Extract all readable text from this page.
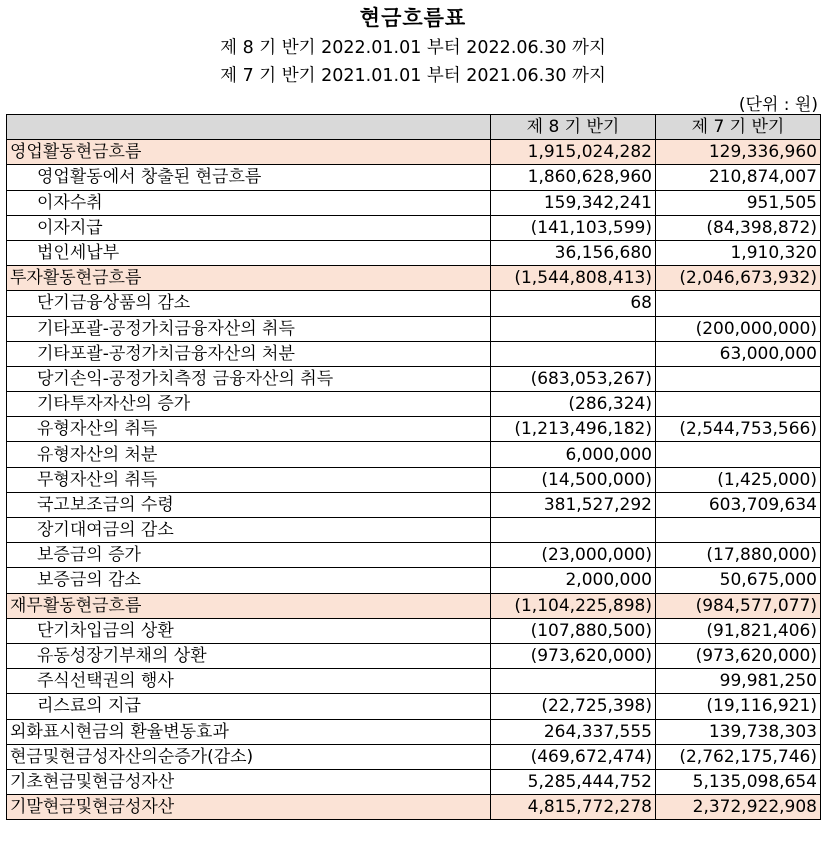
현금흐름표
제 8 기 반기 2022.01.01 부터 2022.06.30 까지
제 7 기 반기 2021.01.01 부터 2021.06.30 까지
(단위 : 원)
	제 8 기 반기	제 7 기 반기
영업활동현금흐름	1,915,024,282	129,336,960
영업활동에서 창출된 현금흐름	1,860,628,960	210,874,007
이자수취	159,342,241	951,505
이자지급	(141,103,599)	(84,398,872)
법인세납부	36,156,680	1,910,320
투자활동현금흐름	(1,544,808,413)	(2,046,673,932)
단기금융상품의 감소	68	
기타포괄-공정가치금융자산의 취득		(200,000,000)
기타포괄-공정가치금융자산의 처분		63,000,000
당기손익-공정가치측정 금융자산의 취득	(683,053,267)	
기타투자자산의 증가	(286,324)	
유형자산의 취득	(1,213,496,182)	(2,544,753,566)
유형자산의 처분	6,000,000	
무형자산의 취득	(14,500,000)	(1,425,000)
국고보조금의 수령	381,527,292	603,709,634
장기대여금의 감소		
보증금의 증가	(23,000,000)	(17,880,000)
보증금의 감소	2,000,000	50,675,000
재무활동현금흐름	(1,104,225,898)	(984,577,077)
단기차입금의 상환	(107,880,500)	(91,821,406)
유동성장기부채의 상환	(973,620,000)	(973,620,000)
주식선택권의 행사		99,981,250
리스료의 지급	(22,725,398)	(19,116,921)
외화표시현금의 환율변동효과	264,337,555	139,738,303
현금및현금성자산의순증가(감소)	(469,672,474)	(2,762,175,746)
기초현금및현금성자산	5,285,444,752	5,135,098,654
기말현금및현금성자산	4,815,772,278	2,372,922,908
